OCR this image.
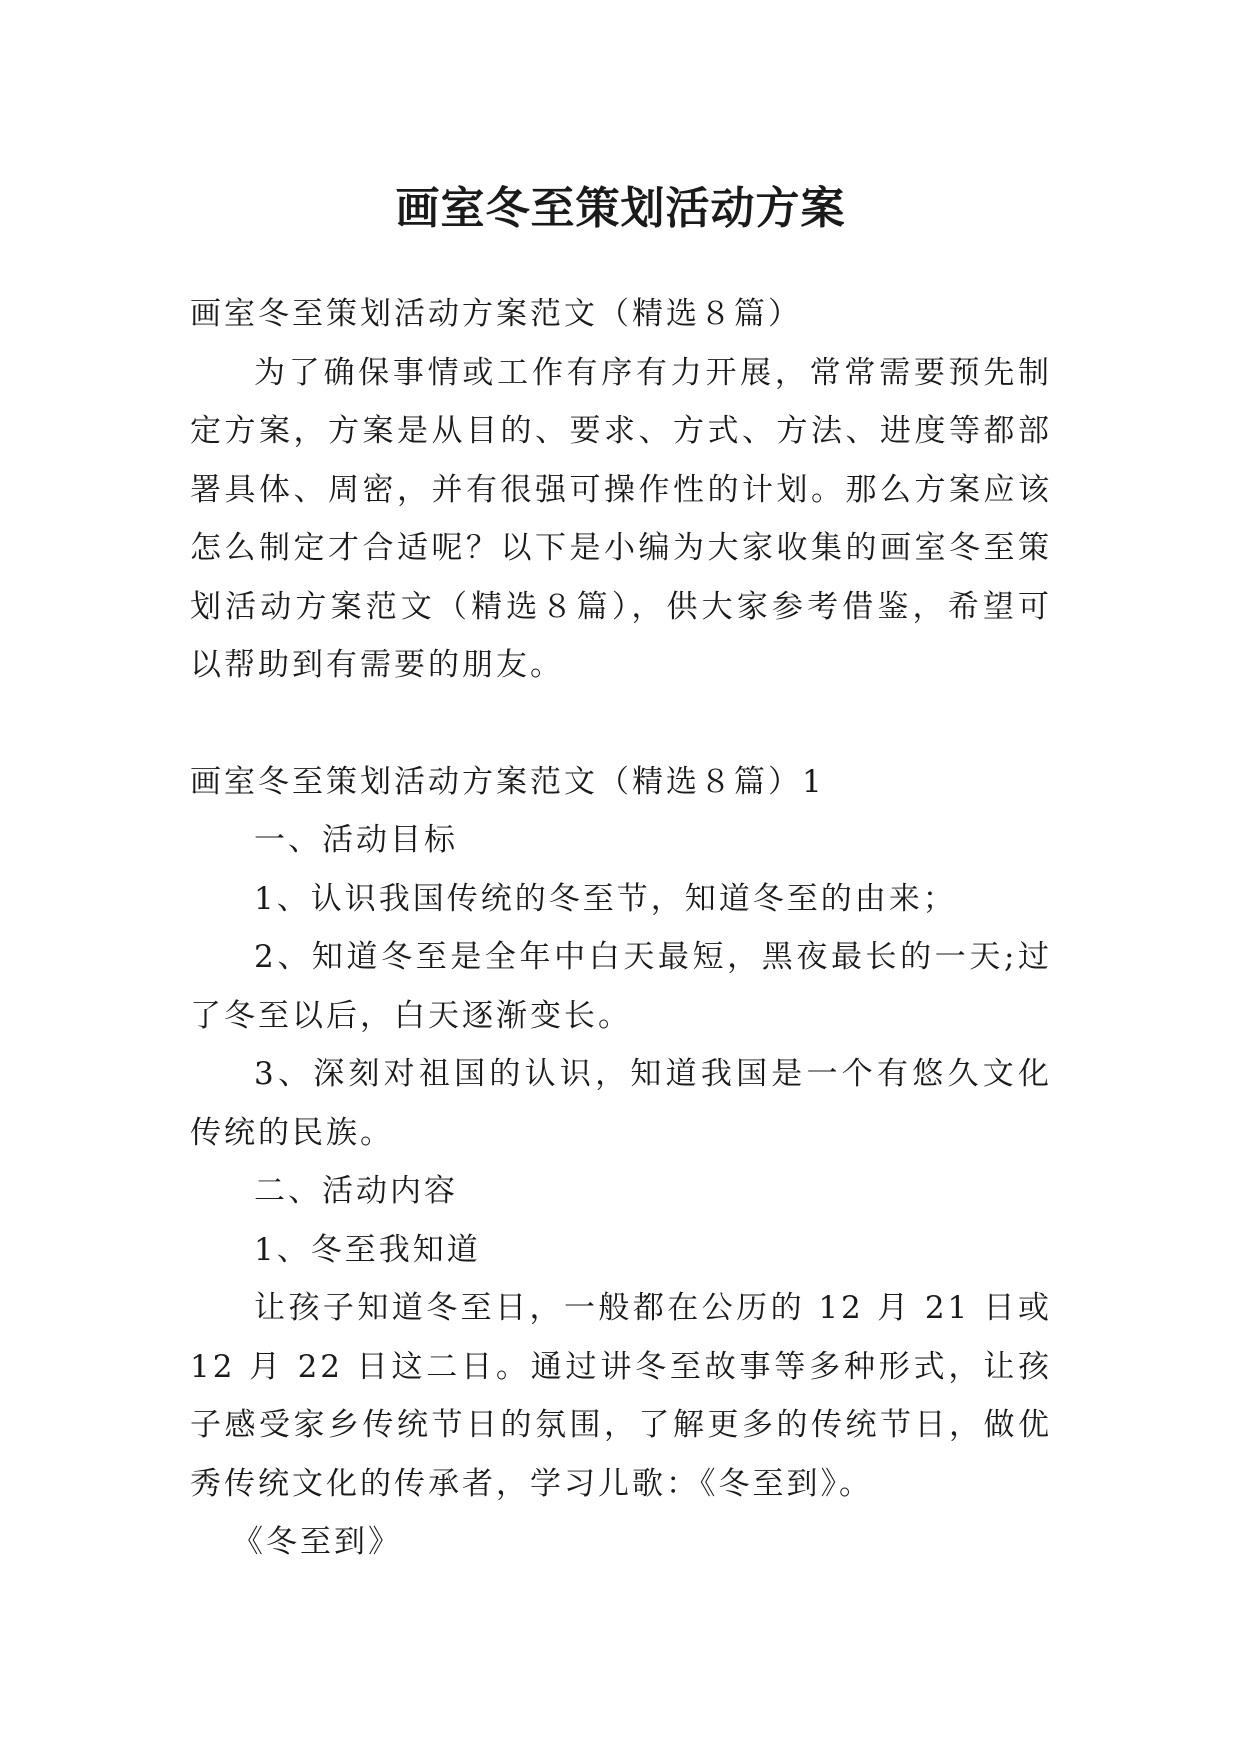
画室冬至策划活动方案

画室冬至策划活动方案范文（精选８篇）

为了确保事情或工作有序有力开展，常常需要预先制定方案，方案是从目的、要求、方式、方法、进度等都部署具体、周密，并有很强可操作性的计划。那么方案应该怎么制定才合适呢？以下是小编为大家收集的画室冬至策划活动方案范文（精选８篇），供大家参考借鉴，希望可以帮助到有需要的朋友。

画室冬至策划活动方案范文（精选８篇）1

一、活动目标

1、认识我国传统的冬至节，知道冬至的由来；

2、知道冬至是全年中白天最短，黑夜最长的一天;过了冬至以后，白天逐渐变长。

3、深刻对祖国的认识，知道我国是一个有悠久文化传统的民族。

二、活动内容

1、冬至我知道

让孩子知道冬至日，一般都在公历的 12 月 21 日或 12 月 22 日这二日。通过讲冬至故事等多种形式，让孩子感受家乡传统节日的氛围，了解更多的传统节日，做优秀传统文化的传承者，学习儿歌：《冬至到》。

《冬至到》
